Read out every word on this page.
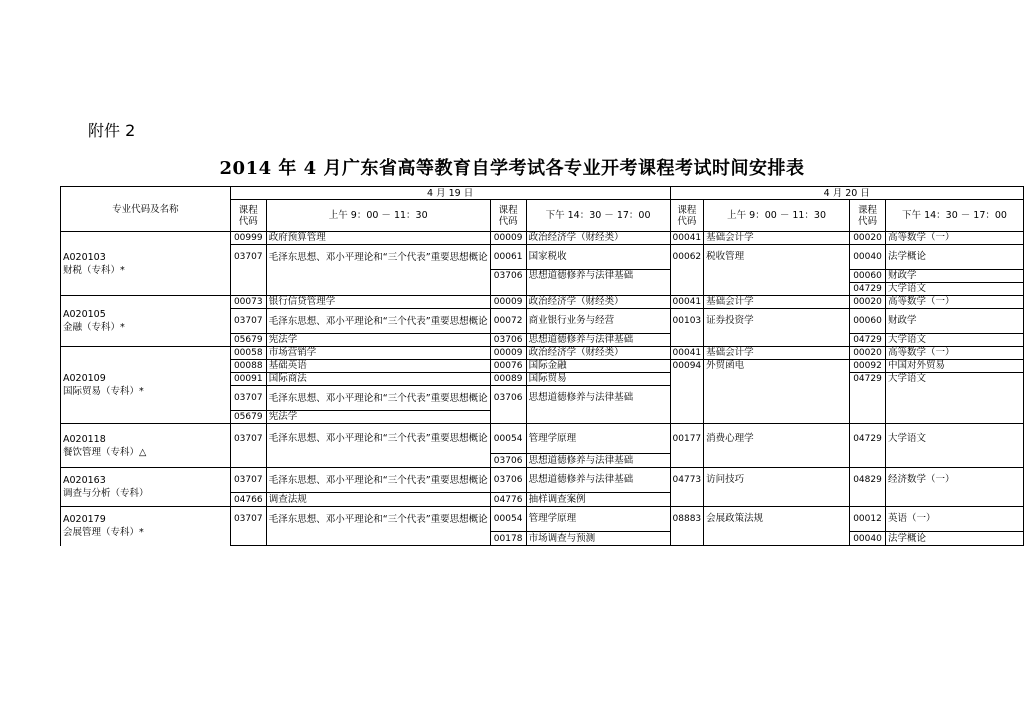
附件 2
2014 年 4 月广东省高等教育自学考试各专业开考课程考试时间安排表
专业代码及名称	4 月 19 日				4 月 20 日			
	课程
代码	上午 9：00 － 11：30	课程
代码	下午 14：30 － 17：00	课程
代码	上午 9：00 － 11：30	课程
代码	下午 14：30 － 17：00

A020103
财税（专科）*	00999	政府预算管理	00009	政治经济学（财经类）	00041	基础会计学	00020	高等数学（一）
	03707	毛泽东思想、邓小平理论和“三个代表”重要思想概论	00061	国家税收	00062	税收管理	00040	法学概论
			03706	思想道德修养与法律基础			00060	财政学
							04729	大学语文

A020105
金融（专科）*	00073	银行信贷管理学	00009	政治经济学（财经类）	00041	基础会计学	00020	高等数学（一）
	03707	毛泽东思想、邓小平理论和“三个代表”重要思想概论	00072	商业银行业务与经营	00103	证券投资学	00060	财政学
	05679	宪法学	03706	思想道德修养与法律基础			04729	大学语文

A020109
国际贸易（专科）*	00058	市场营销学	00009	政治经济学（财经类）	00041	基础会计学	00020	高等数学（一）
	00088	基础英语	00076	国际金融	00094	外贸函电	00092	中国对外贸易
	00091	国际商法	00089	国际贸易			04729	大学语文
	03707	毛泽东思想、邓小平理论和“三个代表”重要思想概论	03706	思想道德修养与法律基础				
	05679	宪法学						

A020118
餐饮管理（专科）△	03707	毛泽东思想、邓小平理论和“三个代表”重要思想概论	00054	管理学原理	00177	消费心理学	04729	大学语文
			03706	思想道德修养与法律基础				

A020163
调查与分析（专科）	03707	毛泽东思想、邓小平理论和“三个代表”重要思想概论	03706	思想道德修养与法律基础	04773	访问技巧	04829	经济数学（一）
	04766	调查法规	04776	抽样调查案例				

A020179
会展管理（专科）*	03707	毛泽东思想、邓小平理论和“三个代表”重要思想概论	00054	管理学原理	08883	会展政策法规	00012	英语（一）
			00178	市场调查与预测			00040	法学概论
